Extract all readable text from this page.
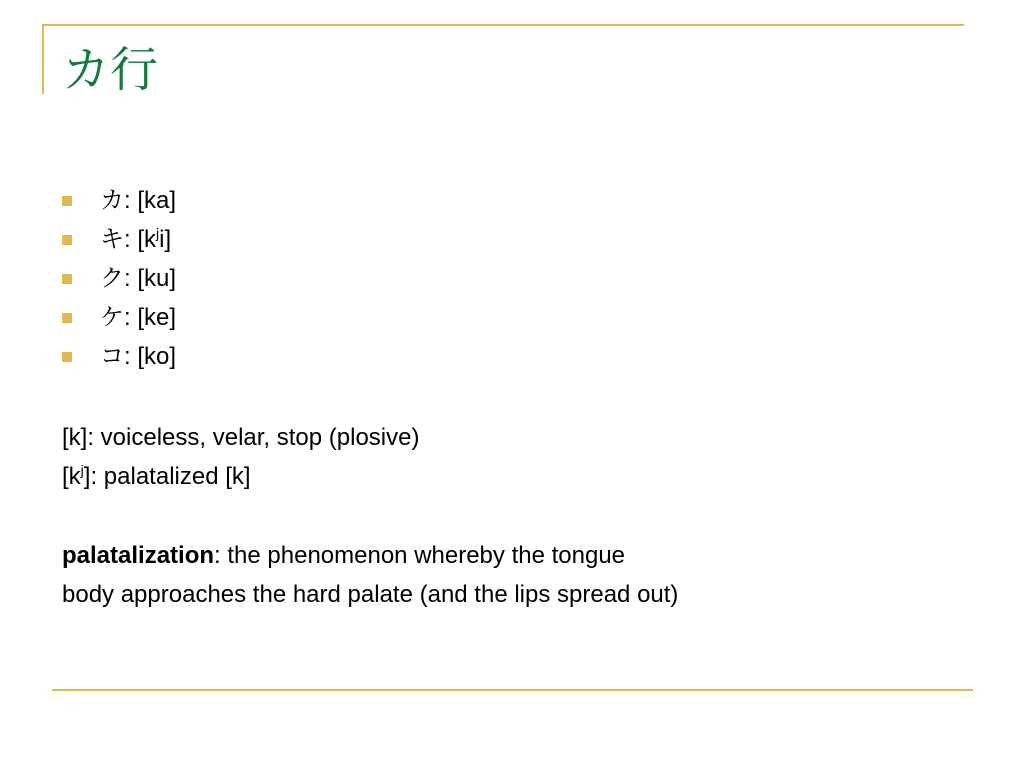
カ行
カ: [ka]
キ: $[k^ji]$
ク: [ku]
ケ: [ke]
コ: [ko]
[k]: voiceless, velar, stop (plosive)
$[k^j]$: palatalized [k]
palatalization: the phenomenon whereby the tongue
body approaches the hard palate (and the lips spread out)
